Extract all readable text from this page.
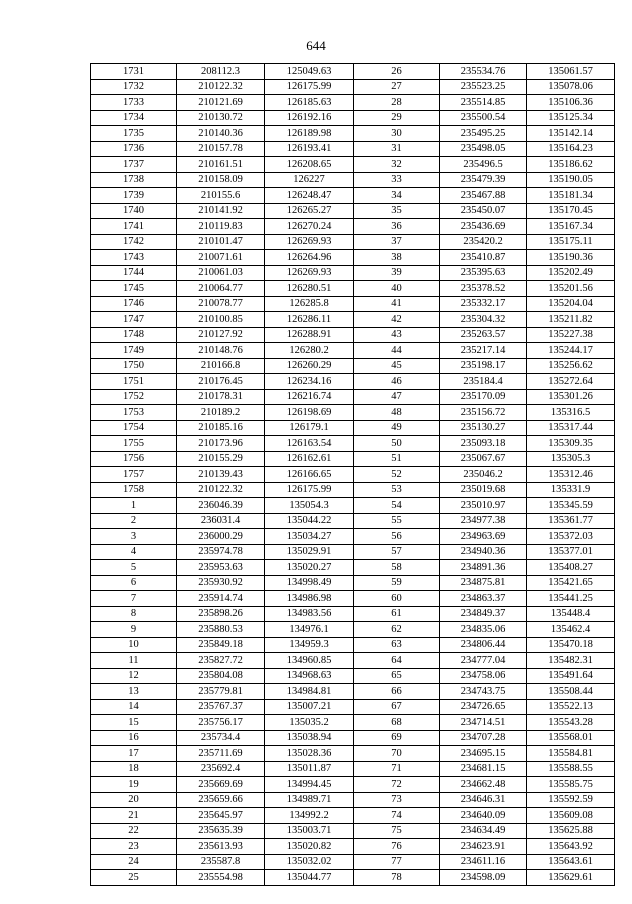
644
1731	208112.3	125049.63	26	235534.76	135061.57
1732	210122.32	126175.99	27	235523.25	135078.06
1733	210121.69	126185.63	28	235514.85	135106.36
1734	210130.72	126192.16	29	235500.54	135125.34
1735	210140.36	126189.98	30	235495.25	135142.14
1736	210157.78	126193.41	31	235498.05	135164.23
1737	210161.51	126208.65	32	235496.5	135186.62
1738	210158.09	126227	33	235479.39	135190.05
1739	210155.6	126248.47	34	235467.88	135181.34
1740	210141.92	126265.27	35	235450.07	135170.45
1741	210119.83	126270.24	36	235436.69	135167.34
1742	210101.47	126269.93	37	235420.2	135175.11
1743	210071.61	126264.96	38	235410.87	135190.36
1744	210061.03	126269.93	39	235395.63	135202.49
1745	210064.77	126280.51	40	235378.52	135201.56
1746	210078.77	126285.8	41	235332.17	135204.04
1747	210100.85	126286.11	42	235304.32	135211.82
1748	210127.92	126288.91	43	235263.57	135227.38
1749	210148.76	126280.2	44	235217.14	135244.17
1750	210166.8	126260.29	45	235198.17	135256.62
1751	210176.45	126234.16	46	235184.4	135272.64
1752	210178.31	126216.74	47	235170.09	135301.26
1753	210189.2	126198.69	48	235156.72	135316.5
1754	210185.16	126179.1	49	235130.27	135317.44
1755	210173.96	126163.54	50	235093.18	135309.35
1756	210155.29	126162.61	51	235067.67	135305.3
1757	210139.43	126166.65	52	235046.2	135312.46
1758	210122.32	126175.99	53	235019.68	135331.9
1	236046.39	135054.3	54	235010.97	135345.59
2	236031.4	135044.22	55	234977.38	135361.77
3	236000.29	135034.27	56	234963.69	135372.03
4	235974.78	135029.91	57	234940.36	135377.01
5	235953.63	135020.27	58	234891.36	135408.27
6	235930.92	134998.49	59	234875.81	135421.65
7	235914.74	134986.98	60	234863.37	135441.25
8	235898.26	134983.56	61	234849.37	135448.4
9	235880.53	134976.1	62	234835.06	135462.4
10	235849.18	134959.3	63	234806.44	135470.18
11	235827.72	134960.85	64	234777.04	135482.31
12	235804.08	134968.63	65	234758.06	135491.64
13	235779.81	134984.81	66	234743.75	135508.44
14	235767.37	135007.21	67	234726.65	135522.13
15	235756.17	135035.2	68	234714.51	135543.28
16	235734.4	135038.94	69	234707.28	135568.01
17	235711.69	135028.36	70	234695.15	135584.81
18	235692.4	135011.87	71	234681.15	135588.55
19	235669.69	134994.45	72	234662.48	135585.75
20	235659.66	134989.71	73	234646.31	135592.59
21	235645.97	134992.2	74	234640.09	135609.08
22	235635.39	135003.71	75	234634.49	135625.88
23	235613.93	135020.82	76	234623.91	135643.92
24	235587.8	135032.02	77	234611.16	135643.61
25	235554.98	135044.77	78	234598.09	135629.61
